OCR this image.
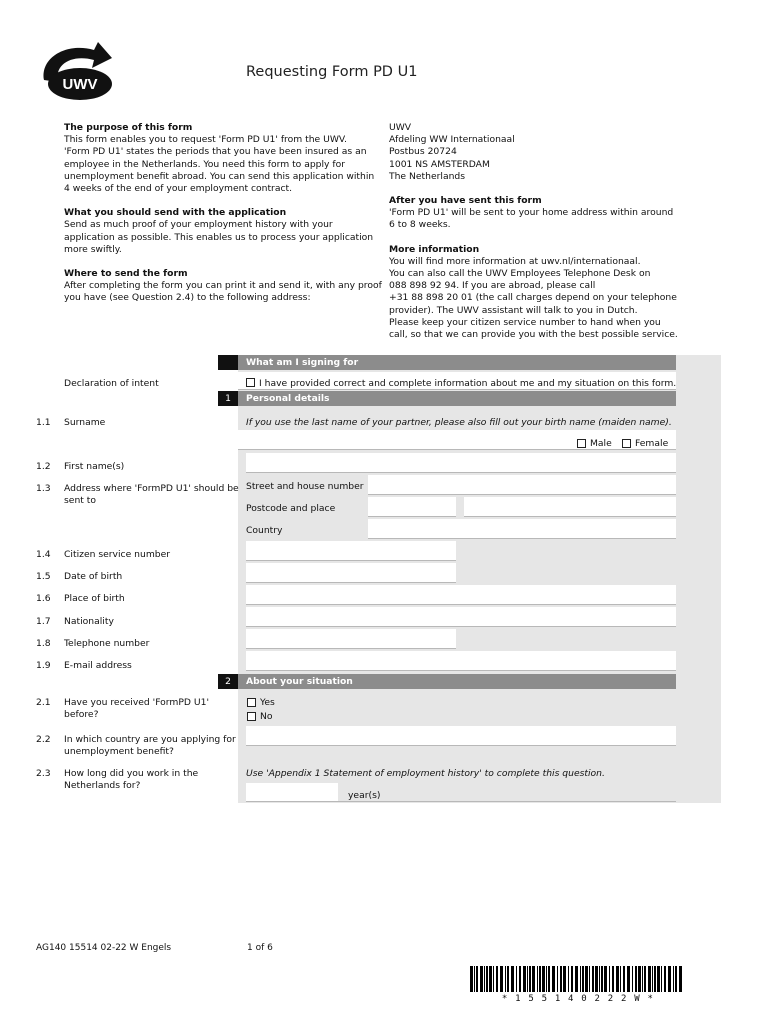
UWV
Requesting Form PD U1

The purpose of this form

This form enables you to request 'Form PD U1' from the UWV.

'Form PD U1' states the periods that you have been insured as an

employee in the Netherlands. You need this form to apply for

unemployment benefit abroad. You can send this application within

4 weeks of the end of your employment contract.

What you should send with the application

Send as much proof of your employment history with your

application as possible. This enables us to process your application

more swiftly.

Where to send the form

After completing the form you can print it and send it, with any proof

you have (see Question 2.4) to the following address:

UWV

Afdeling WW Internationaal

Postbus 20724

1001 NS AMSTERDAM

The Netherlands

After you have sent this form

'Form PD U1' will be sent to your home address within around

6 to 8 weeks.

More information

You will find more information at uwv.nl/internationaal.

You can also call the UWV Employees Telephone Desk on

088 898 92 94. If you are abroad, please call

+31 88 898 20 01 (the call charges depend on your telephone

provider). The UWV assistant will talk to you in Dutch.

Please keep your citizen service number to hand when you

call, so that we can provide you with the best possible service.

What am I signing for
Declaration of intent	I have provided correct and complete information about me and my situation on this form.
1	Personal details
1.1 Surname	If you use the last name of your partner, please also fill out your birth name (maiden name).
Male	Female
1.2 First name(s)
1.3 Address where 'FormPD U1' should be sent to
Street and house number
Postcode and place
Country
1.4 Citizen service number
1.5 Date of birth
1.6 Place of birth
1.7 Nationality
1.8 Telephone number
1.9 E-mail address
2	About your situation
2.1 Have you received 'FormPD U1' before?
Yes
No
2.2 In which country are you applying for unemployment benefit?
2.3 How long did you work in the Netherlands for?
Use 'Appendix 1 Statement of employment history' to complete this question.
year(s)
AG140 15514 02-22 W Engels	1 of 6
* 1 5 5 1 4 0 2 2 2 W *
